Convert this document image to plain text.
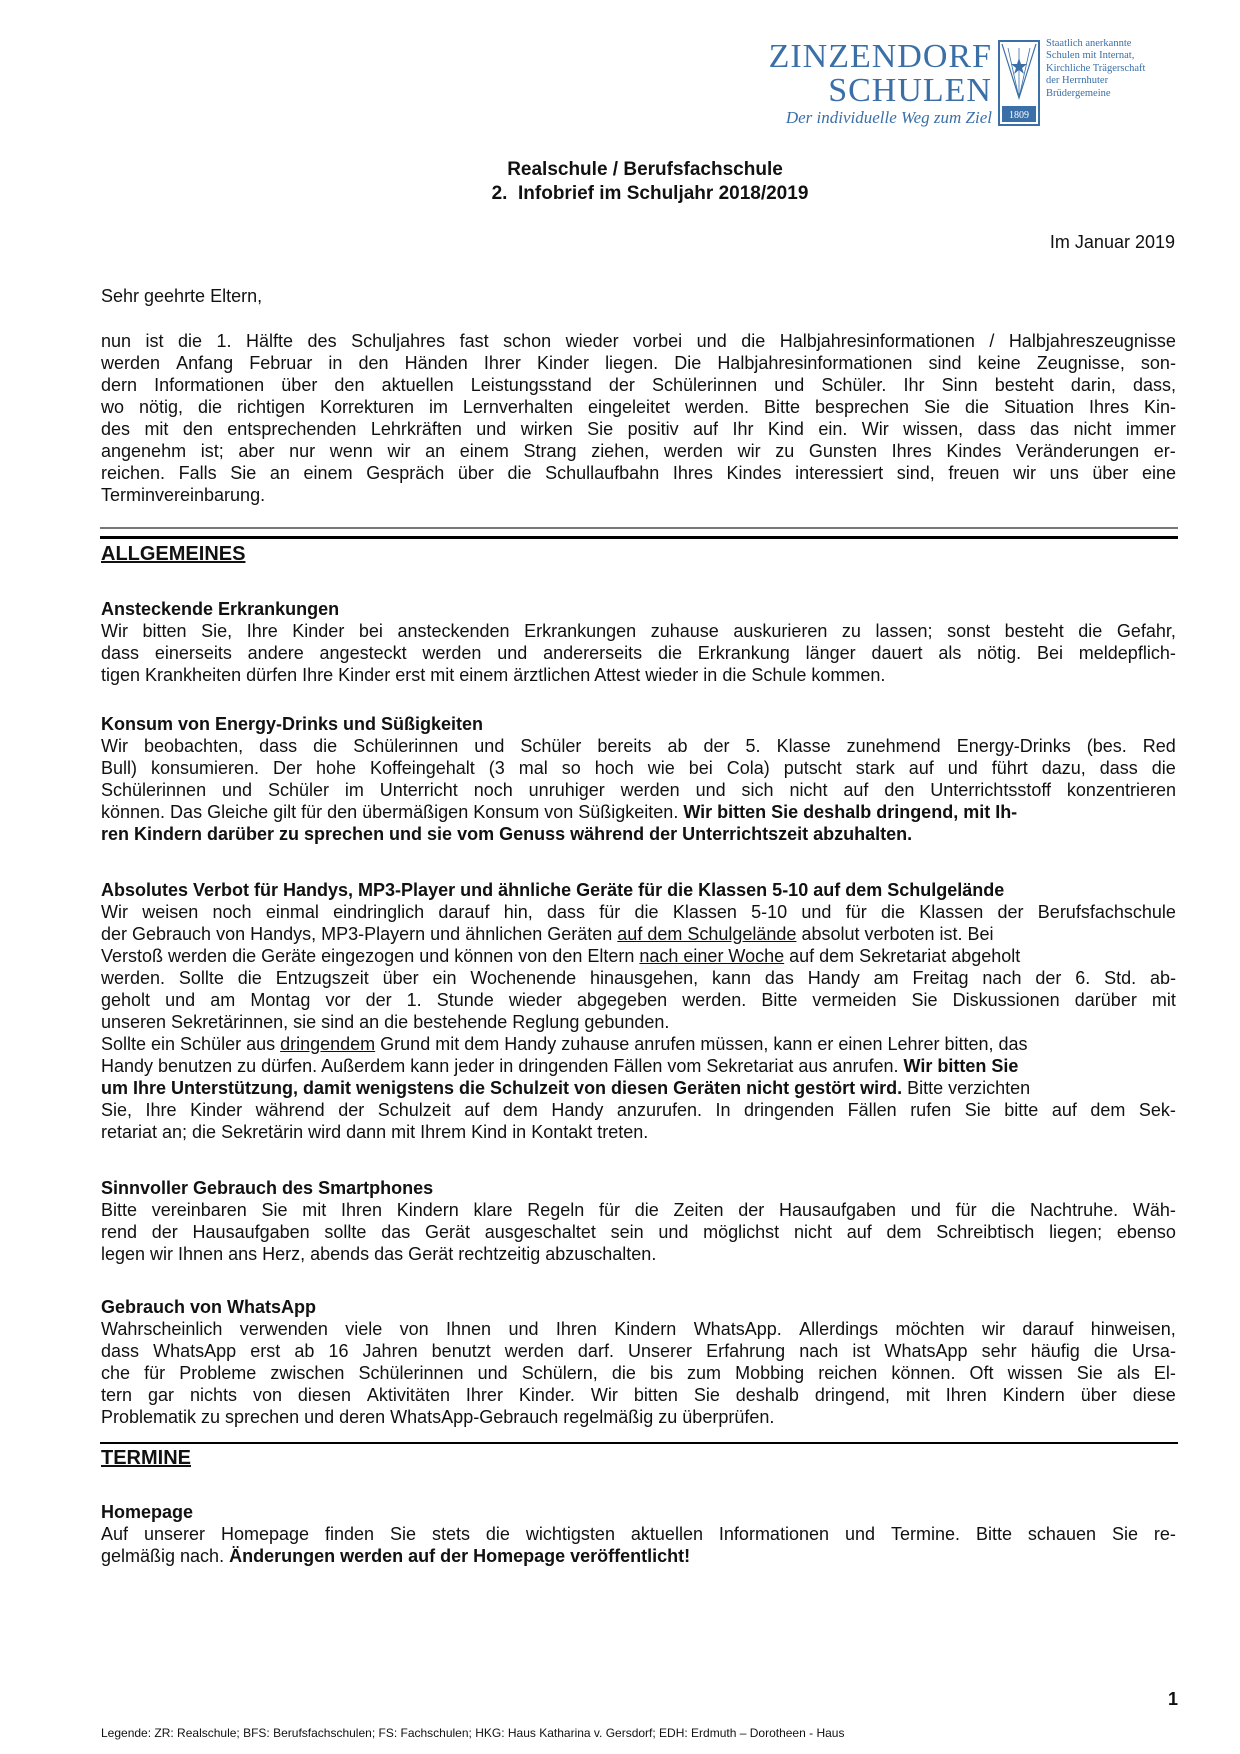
ZINZENDORF
SCHULEN
Der individuelle Weg zum Ziel 1809
Staatlich anerkannte
Schulen mit Internat,
Kirchliche Trägerschaft
der Herrnhuter
Brüdergemeine
Realschule / Berufsfachschule
2.  Infobrief im Schuljahr 2018/2019
Im Januar 2019
Sehr geehrte Eltern,
nun ist die 1. Hälfte des Schuljahres fast schon wieder vorbei und die Halbjahresinformationen / Halbjahreszeugnisse
werden Anfang Februar in den Händen Ihrer Kinder liegen. Die Halbjahresinformationen sind keine Zeugnisse, son-
dern Informationen über den aktuellen Leistungsstand der Schülerinnen und Schüler. Ihr Sinn besteht darin, dass,
wo nötig, die richtigen Korrekturen im Lernverhalten eingeleitet werden. Bitte besprechen Sie die Situation Ihres Kin-
des mit den entsprechenden Lehrkräften und wirken Sie positiv auf Ihr Kind ein. Wir wissen, dass das nicht immer
angenehm ist; aber nur wenn wir an einem Strang ziehen, werden wir zu Gunsten Ihres Kindes Veränderungen er-
reichen. Falls Sie an einem Gespräch über die Schullaufbahn Ihres Kindes interessiert sind, freuen wir uns über eine
Terminvereinbarung.
ALLGEMEINES
Ansteckende Erkrankungen
Wir bitten Sie, Ihre Kinder bei ansteckenden Erkrankungen zuhause auskurieren zu lassen; sonst besteht die Gefahr,
dass einerseits andere angesteckt werden und andererseits die Erkrankung länger dauert als nötig. Bei meldepflich-
tigen Krankheiten dürfen Ihre Kinder erst mit einem ärztlichen Attest wieder in die Schule kommen.
Konsum von Energy-Drinks und Süßigkeiten
Wir beobachten, dass die Schülerinnen und Schüler bereits ab der 5. Klasse zunehmend Energy-Drinks (bes. Red
Bull) konsumieren. Der hohe Koffeingehalt (3 mal so hoch wie bei Cola) putscht stark auf und führt dazu, dass die
Schülerinnen und Schüler im Unterricht noch unruhiger werden und sich nicht auf den Unterrichtsstoff konzentrieren
können. Das Gleiche gilt für den übermäßigen Konsum von Süßigkeiten. Wir bitten Sie deshalb dringend, mit Ih-
ren Kindern darüber zu sprechen und sie vom Genuss während der Unterrichtszeit abzuhalten.
Absolutes Verbot für Handys, MP3-Player und ähnliche Geräte für die Klassen 5-10 auf dem Schulgelände
Wir weisen noch einmal eindringlich darauf hin, dass für die Klassen 5-10 und für die Klassen der Berufsfachschule
der Gebrauch von Handys, MP3-Playern und ähnlichen Geräten auf dem Schulgelände absolut verboten ist. Bei
Verstoß werden die Geräte eingezogen und können von den Eltern nach einer Woche auf dem Sekretariat abgeholt
werden. Sollte die Entzugszeit über ein Wochenende hinausgehen, kann das Handy am Freitag nach der 6. Std. ab-
geholt und am Montag vor der 1. Stunde wieder abgegeben werden. Bitte vermeiden Sie Diskussionen darüber mit
unseren Sekretärinnen, sie sind an die bestehende Reglung gebunden.
Sollte ein Schüler aus dringendem Grund mit dem Handy zuhause anrufen müssen, kann er einen Lehrer bitten, das
Handy benutzen zu dürfen. Außerdem kann jeder in dringenden Fällen vom Sekretariat aus anrufen. Wir bitten Sie
um Ihre Unterstützung, damit wenigstens die Schulzeit von diesen Geräten nicht gestört wird. Bitte verzichten
Sie, Ihre Kinder während der Schulzeit auf dem Handy anzurufen. In dringenden Fällen rufen Sie bitte auf dem Sek-
retariat an; die Sekretärin wird dann mit Ihrem Kind in Kontakt treten.
Sinnvoller Gebrauch des Smartphones
Bitte vereinbaren Sie mit Ihren Kindern klare Regeln für die Zeiten der Hausaufgaben und für die Nachtruhe. Wäh-
rend der Hausaufgaben sollte das Gerät ausgeschaltet sein und möglichst nicht auf dem Schreibtisch liegen; ebenso
legen wir Ihnen ans Herz, abends das Gerät rechtzeitig abzuschalten.
Gebrauch von WhatsApp
Wahrscheinlich verwenden viele von Ihnen und Ihren Kindern WhatsApp. Allerdings möchten wir darauf hinweisen,
dass WhatsApp erst ab 16 Jahren benutzt werden darf. Unserer Erfahrung nach ist WhatsApp sehr häufig die Ursa-
che für Probleme zwischen Schülerinnen und Schülern, die bis zum Mobbing reichen können. Oft wissen Sie als El-
tern gar nichts von diesen Aktivitäten Ihrer Kinder. Wir bitten Sie deshalb dringend, mit Ihren Kindern über diese
Problematik zu sprechen und deren WhatsApp-Gebrauch regelmäßig zu überprüfen.
TERMINE
Homepage
Auf unserer Homepage finden Sie stets die wichtigsten aktuellen Informationen und Termine. Bitte schauen Sie re-
gelmäßig nach. Änderungen werden auf der Homepage veröffentlicht!
1
Legende: ZR: Realschule; BFS: Berufsfachschulen; FS: Fachschulen; HKG: Haus Katharina v. Gersdorf; EDH: Erdmuth – Dorotheen - Haus
